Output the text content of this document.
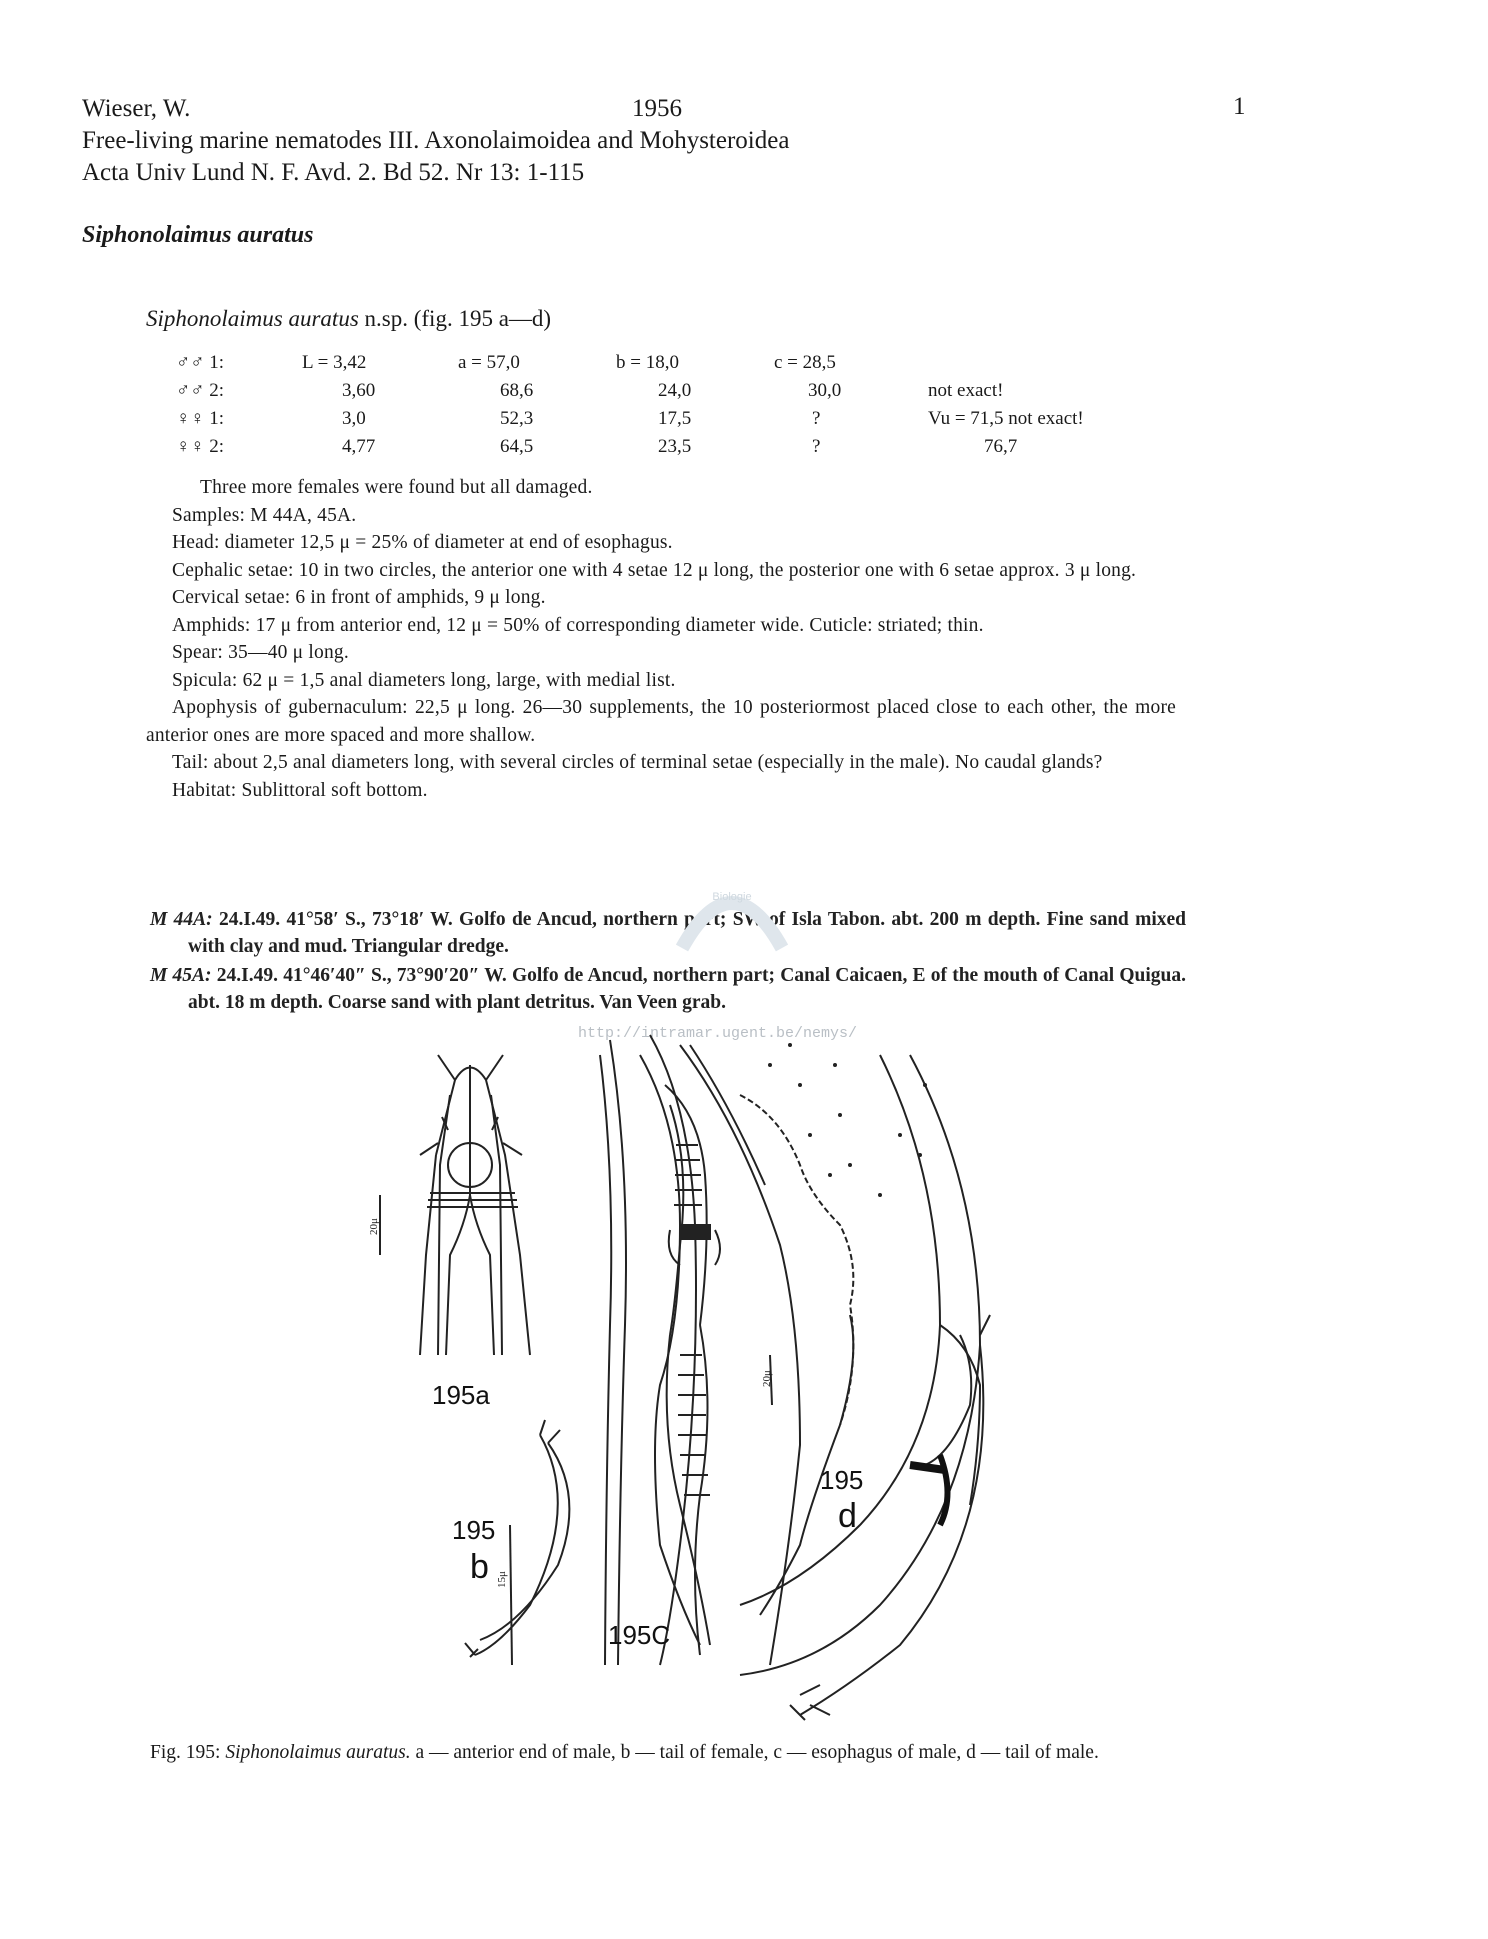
Wieser, W.	1956	1
Free-living marine nematodes III. Axonolaimoidea and Mohysteroidea
Acta Univ Lund N. F. Avd. 2. Bd 52. Nr 13: 1-115
Siphonolaimus auratus
Siphonolaimus auratus n.sp. (fig. 195 a—d)
♂♂ 1:	L = 3,42	a = 57,0	b = 18,0	c = 28,5
♂♂ 2:	3,60	68,6	24,0	30,0	not exact!
♀♀ 1:	3,0	52,3	17,5	?	Vu = 71,5 not exact!
♀♀ 2:	4,77	64,5	23,5	?	76,7
Three more females were found but all damaged.
Samples: M 44A, 45A.
Head: diameter 12,5 μ = 25% of diameter at end of esophagus.
Cephalic setae: 10 in two circles, the anterior one with 4 setae 12 μ long, the posterior one with 6 setae approx. 3 μ long.
Cervical setae: 6 in front of amphids, 9 μ long.
Amphids: 17 μ from anterior end, 12 μ = 50% of corresponding diameter wide. Cuticle: striated; thin.
Spear: 35—40 μ long.
Spicula: 62 μ = 1,5 anal diameters long, large, with medial list.
Apophysis of gubernaculum: 22,5 μ long. 26—30 supplements, the 10 posteriormost placed close to each other, the more anterior ones are more spaced and more shallow.
Tail: about 2,5 anal diameters long, with several circles of terminal setae (especially in the male). No caudal glands?
Habitat: Sublittoral soft bottom.
M 44A: 24.I.49. 41°58′ S., 73°18′ W. Golfo de Ancud, northern part; SW of Isla Tabon. abt. 200 m depth. Fine sand mixed with clay and mud. Triangular dredge.
M 45A: 24.I.49. 41°46′40″ S., 73°90′20″ W. Golfo de Ancud, northern part; Canal Caicaen, E of the mouth of Canal Quigua. abt. 18 m depth. Coarse sand with plant detritus. Van Veen grab.
http://intramar.ugent.be/nemys/
Biologie
20μ
15μ
20μ
195a
195
b
195C
195
d
Fig. 195: Siphonolaimus auratus. a — anterior end of male, b — tail of female, c — esophagus of male, d — tail of male.
